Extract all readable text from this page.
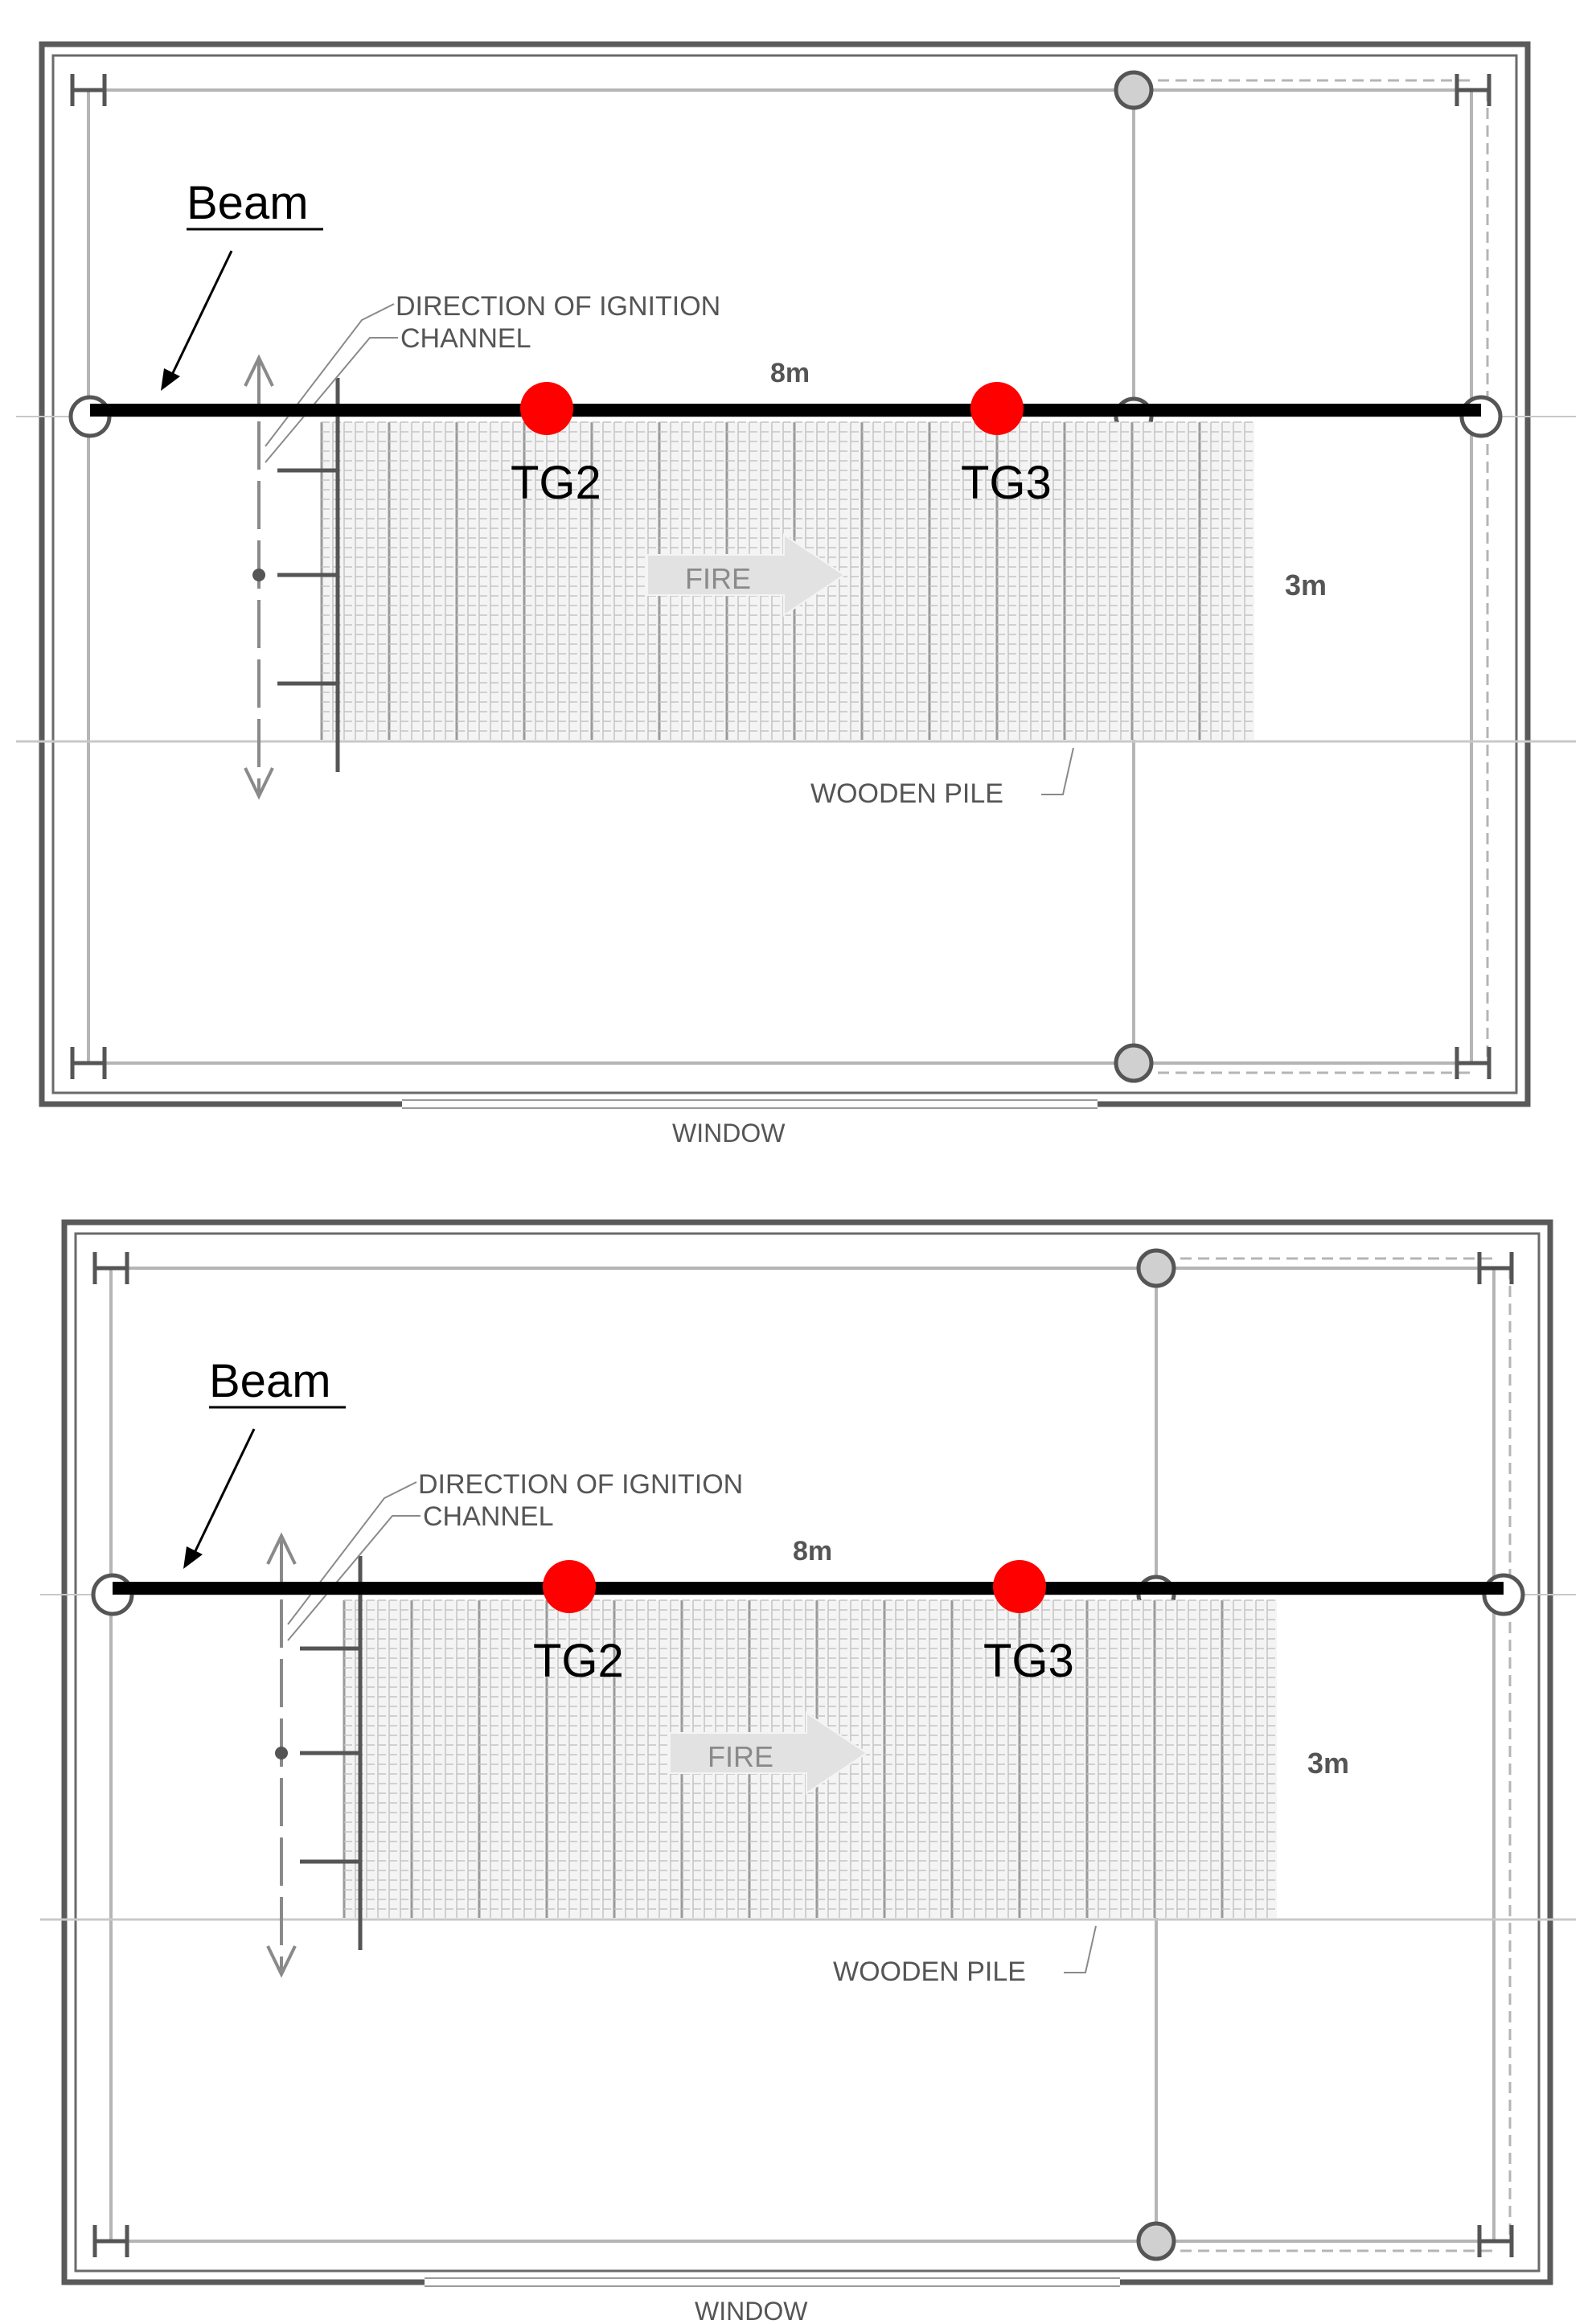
Beam
DIRECTION OF IGNITION
CHANNEL
8m
TG2	TG3
FIRE	3m
WOODEN PILE
WINDOW
Beam
DIRECTION OF IGNITION
CHANNEL
8m
TG2	TG3
FIRE	3m
WOODEN PILE
WINDOW
